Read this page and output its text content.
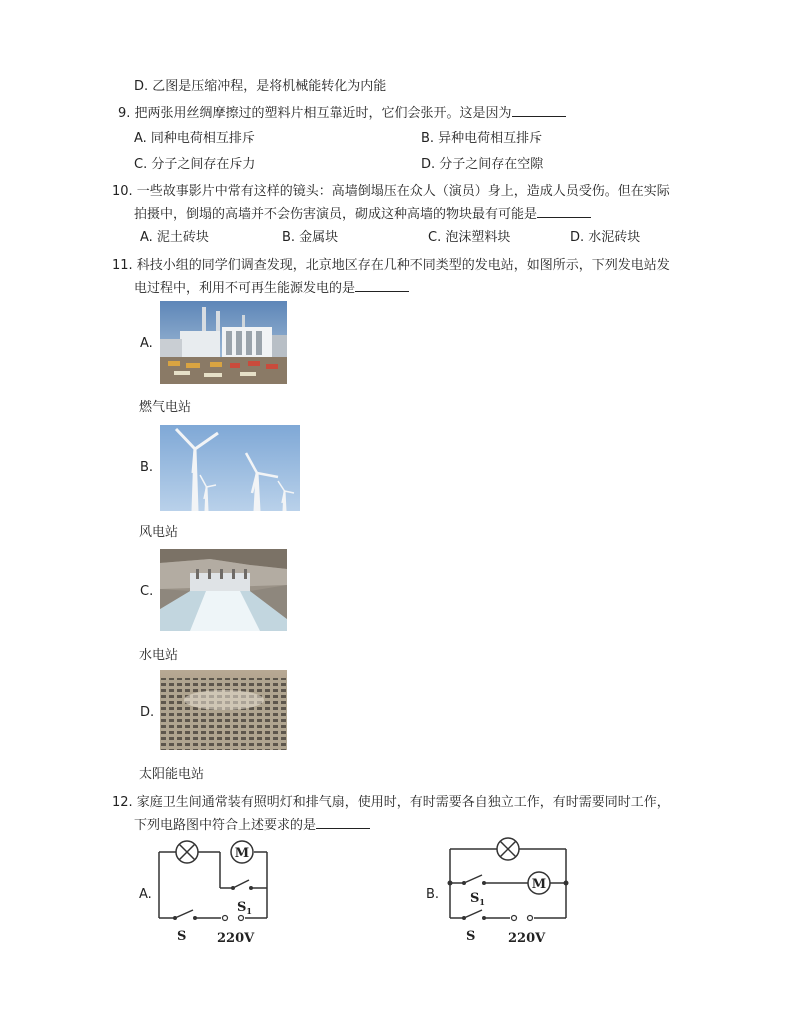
D. 乙图是压缩冲程，是将机械能转化为内能
9. 把两张用丝绸摩擦过的塑料片相互靠近时，它们会张开。这是因为
A. 同种电荷相互排斥	B. 异种电荷相互排斥
C. 分子之间存在斥力	D. 分子之间存在空隙
10. 一些故事影片中常有这样的镜头：高墙倒塌压在众人（演员）身上，造成人员受伤。但在实际
拍摄中，倒塌的高墙并不会伤害演员，砌成这种高墙的物块最有可能是
A. 泥土砖块	B. 金属块	C. 泡沫塑料块	D. 水泥砖块
11. 科技小组的同学们调查发现，北京地区存在几种不同类型的发电站，如图所示，下列发电站发
电过程中，利用不可再生能源发电的是
A.
燃气电站
B.
风电站
C.
水电站
D.
太阳能电站
12. 家庭卫生间通常装有照明灯和排气扇，使用时，有时需要各自独立工作，有时需要同时工作，
下列电路图中符合上述要求的是
A.
M
$S_1$
S 220V
B.
M
$S_1$
S	220V
